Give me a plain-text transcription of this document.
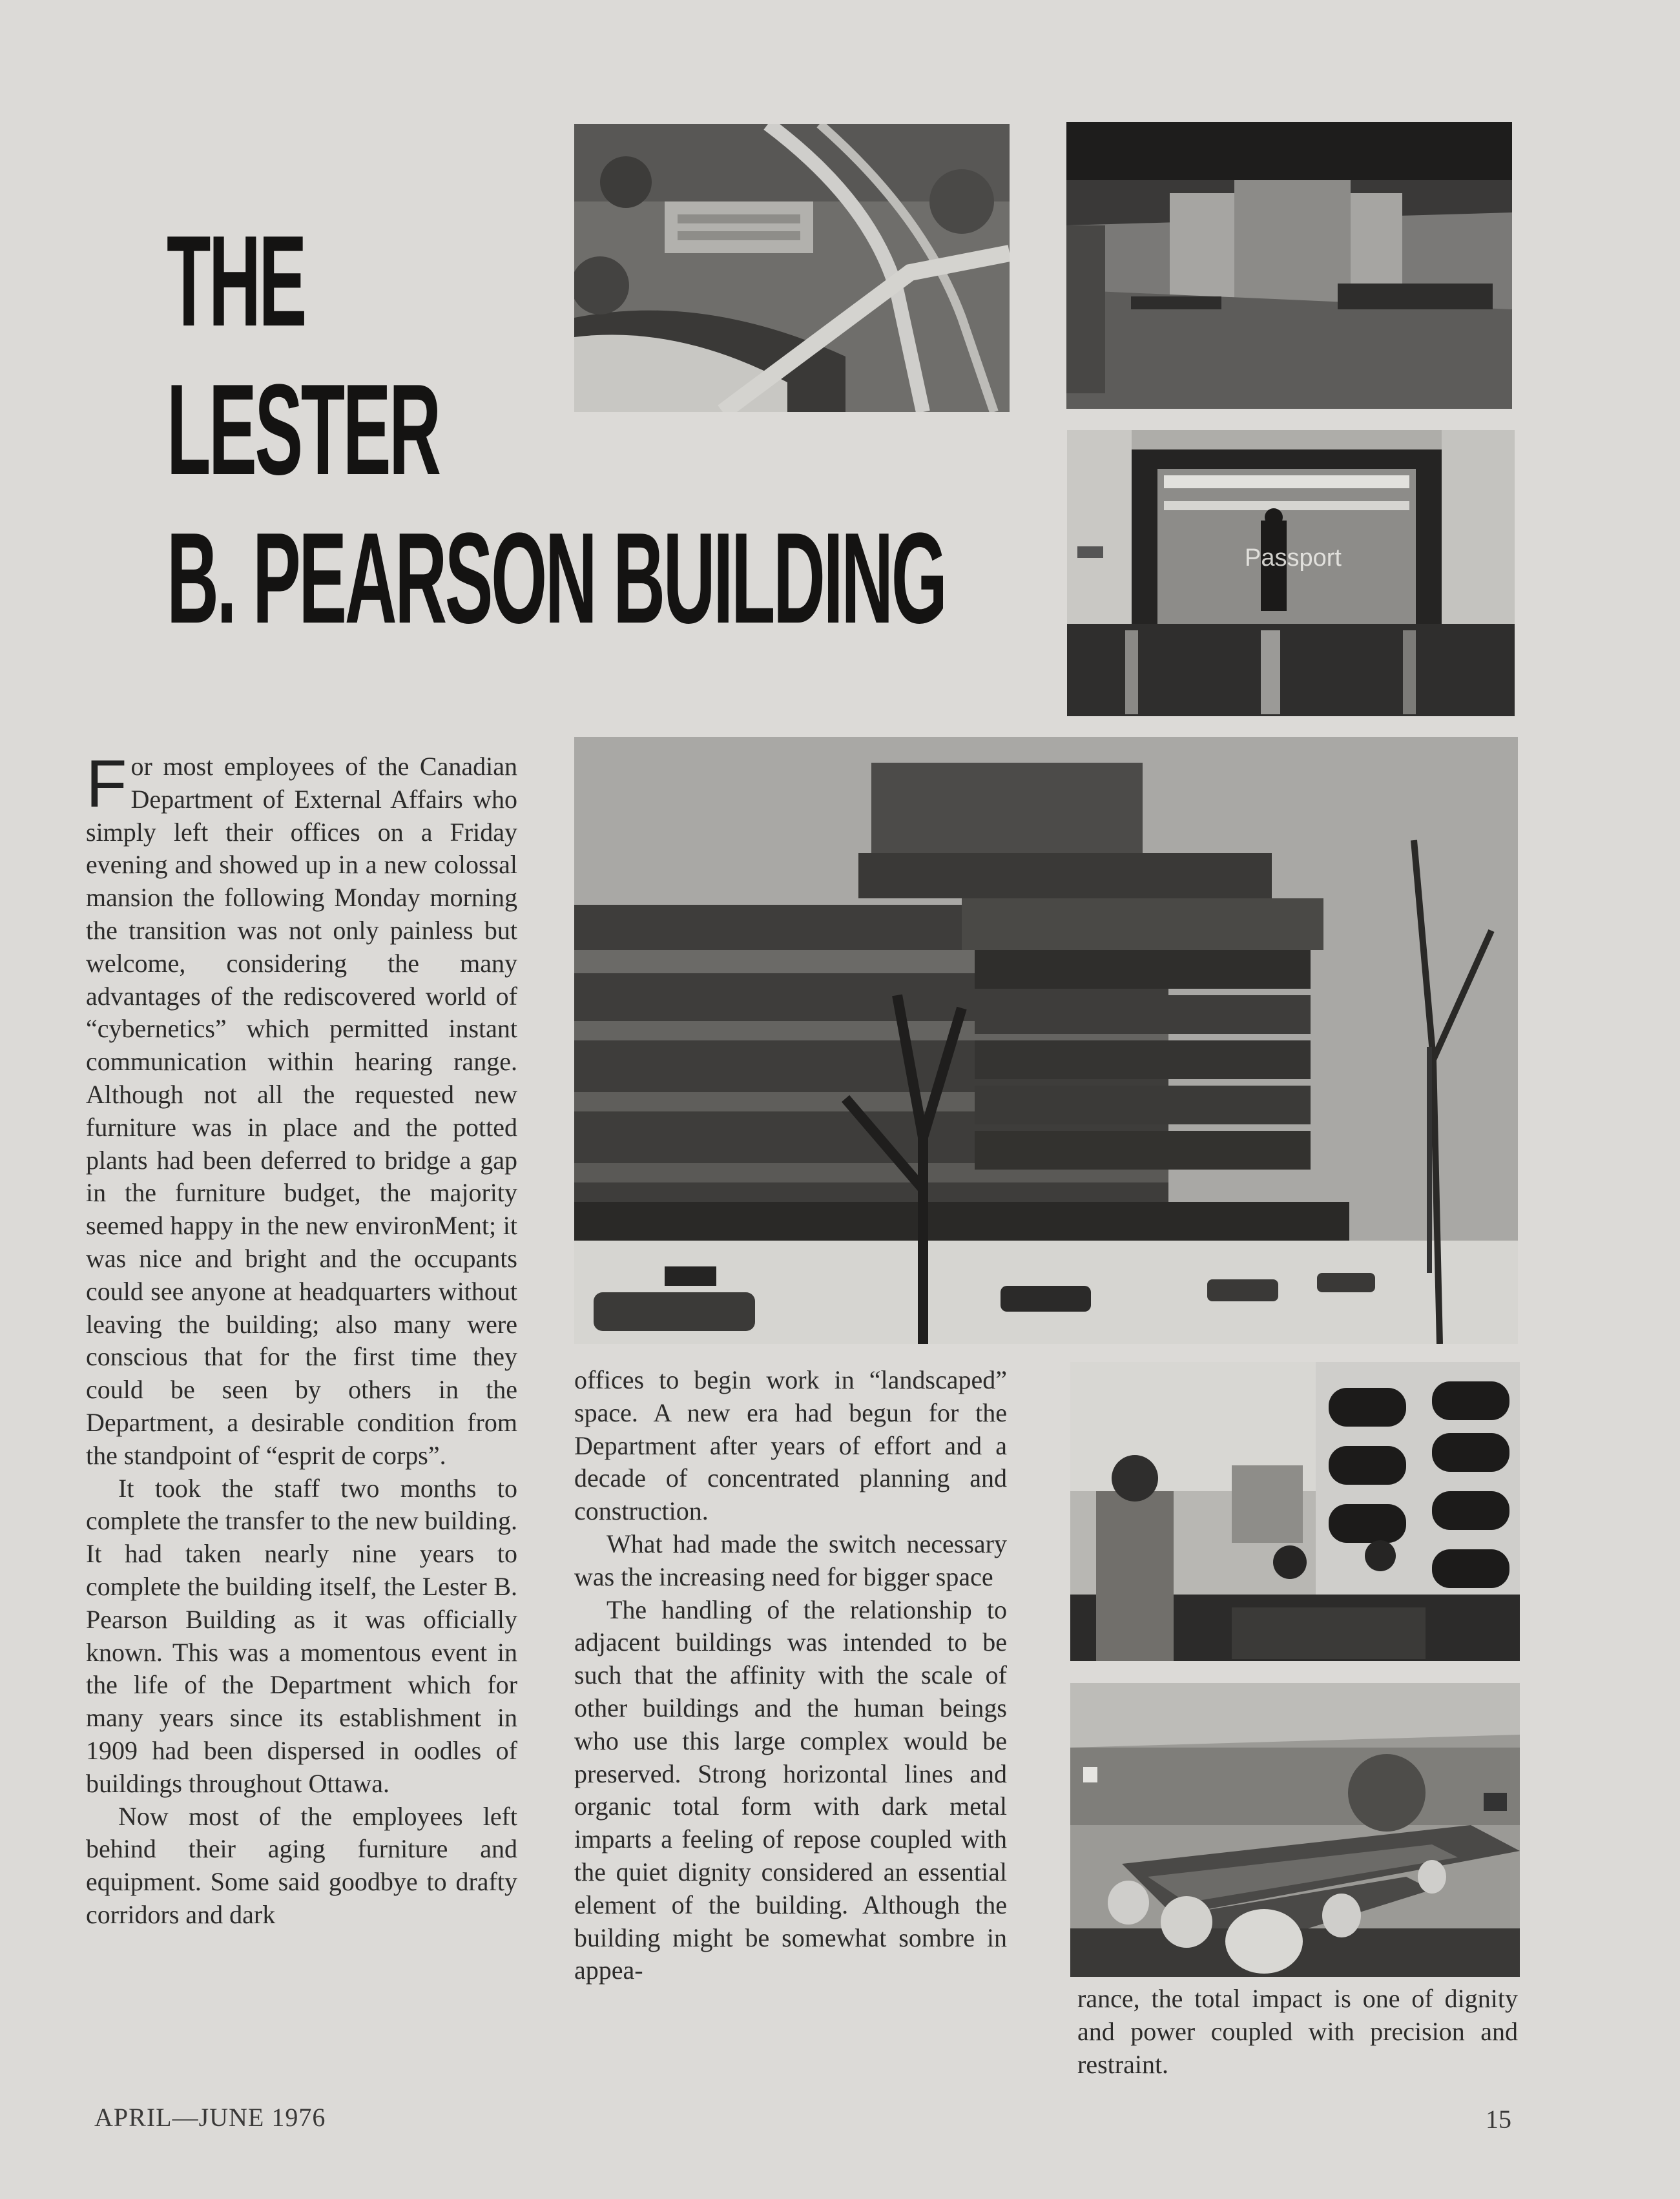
THE
LESTER
B. PEARSON BUILDING	Passport

For most employees of the Canadian Department of External Affairs who simply left their offices on a Friday evening and showed up in a new colossal mansion the following Monday morning the transition was not only painless but welcome, considering the many advantages of the rediscovered world of “cybernetics” which permitted instant communication within hearing range. Although not all the requested new furniture was in place and the potted plants had been deferred to bridge a gap in the furniture budget, the majority seemed happy in the new environMent; it was nice and bright and the occupants could see anyone at headquarters without leaving the building; also many were conscious that for the first time they could be seen by others in the Department, a desirable condition from the standpoint of “esprit de corps”.

It took the staff two months to complete the transfer to the new building. It had taken nearly nine years to complete the building itself, the Lester B. Pearson Building as it was officially known. This was a momentous event in the life of the Department which for many years since its establishment in 1909 had been dispersed in oodles of buildings throughout Ottawa.

Now most of the employees left behind their aging furniture and equipment. Some said goodbye to drafty corridors and dark

offices to begin work in “landscaped” space. A new era had begun for the Department after years of effort and a decade of concentrated planning and construction.

What had made the switch necessary was the increasing need for bigger space

The handling of the relationship to adjacent buildings was intended to be such that the affinity with the scale of other buildings and the human beings who use this large complex would be preserved. Strong horizontal lines and organic total form with dark metal imparts a feeling of repose coupled with the quiet dignity considered an essential element of the building. Although the building might be somewhat sombre in appea-

rance, the total impact is one of dignity and power coupled with precision and restraint.

APRIL—JUNE 1976	15
